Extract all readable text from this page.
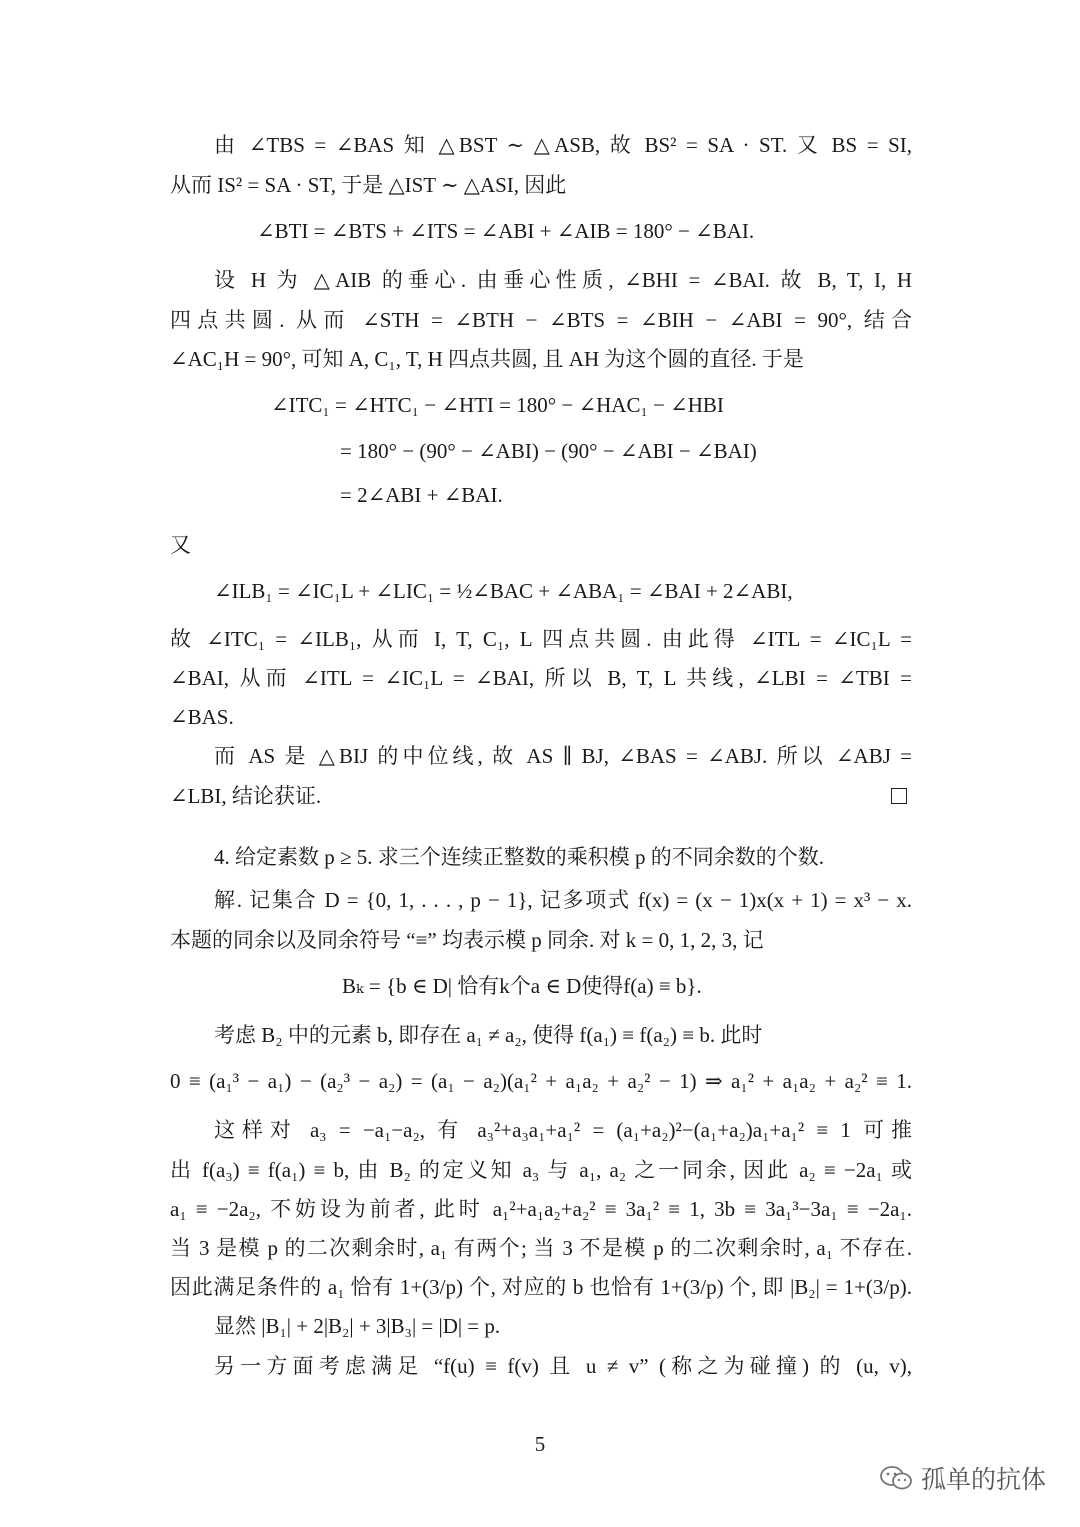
由 ∠TBS = ∠BAS 知 △BST ∼ △ASB, 故 BS² = SA · ST. 又 BS = SI,
从而 IS² = SA · ST, 于是 △IST ∼ △ASI, 因此
∠BTI = ∠BTS + ∠ITS = ∠ABI + ∠AIB = 180° − ∠BAI.
设 H 为 △AIB 的垂心. 由垂心性质, ∠BHI = ∠BAI. 故 B, T, I, H
四点共圆. 从而 ∠STH = ∠BTH − ∠BTS = ∠BIH − ∠ABI = 90°, 结合
∠AC₁H = 90°, 可知 A, C₁, T, H 四点共圆, 且 AH 为这个圆的直径. 于是
∠ITC₁ = ∠HTC₁ − ∠HTI = 180° − ∠HAC₁ − ∠HBI
= 180° − (90° − ∠ABI) − (90° − ∠ABI − ∠BAI)
= 2∠ABI + ∠BAI.
又
∠ILB₁ = ∠IC₁L + ∠LIC₁ = ½∠BAC + ∠ABA₁ = ∠BAI + 2∠ABI,
故 ∠ITC₁ = ∠ILB₁, 从而 I, T, C₁, L 四点共圆. 由此得 ∠ITL = ∠IC₁L =
∠BAI, 从而 ∠ITL = ∠IC₁L = ∠BAI, 所以 B, T, L 共线, ∠LBI = ∠TBI =
∠BAS.
而 AS 是 △BIJ 的中位线, 故 AS ∥ BJ, ∠BAS = ∠ABJ. 所以 ∠ABJ =
∠LBI, 结论获证.
4. 给定素数 p ≥ 5. 求三个连续正整数的乘积模 p 的不同余数的个数.
解. 记集合 D = {0, 1, . . . , p − 1}, 记多项式 f(x) = (x − 1)x(x + 1) = x³ − x.
本题的同余以及同余符号 “≡” 均表示模 p 同余. 对 k = 0, 1, 2, 3, 记
Bₖ = {b ∈ D| 恰有k个a ∈ D使得f(a) ≡ b}.
考虑 B₂ 中的元素 b, 即存在 a₁ ≠ a₂, 使得 f(a₁) ≡ f(a₂) ≡ b. 此时
0 ≡ (a₁³ − a₁) − (a₂³ − a₂) = (a₁ − a₂)(a₁² + a₁a₂ + a₂² − 1) ⇒ a₁² + a₁a₂ + a₂² ≡ 1.
这样对 a₃ = −a₁−a₂, 有 a₃²+a₃a₁+a₁² = (a₁+a₂)²−(a₁+a₂)a₁+a₁² ≡ 1 可推
出 f(a₃) ≡ f(a₁) ≡ b, 由 B₂ 的定义知 a₃ 与 a₁, a₂ 之一同余, 因此 a₂ ≡ −2a₁ 或
a₁ ≡ −2a₂, 不妨设为前者, 此时 a₁²+a₁a₂+a₂² ≡ 3a₁² ≡ 1, 3b ≡ 3a₁³−3a₁ ≡ −2a₁.
当 3 是模 p 的二次剩余时, a₁ 有两个; 当 3 不是模 p 的二次剩余时, a₁ 不存在.
因此满足条件的 a₁ 恰有 1+(3/p) 个, 对应的 b 也恰有 1+(3/p) 个, 即 |B₂| = 1+(3/p).
显然 |B₁| + 2|B₂| + 3|B₃| = |D| = p.
另一方面考虑满足 “f(u) ≡ f(v) 且 u ≠ v” (称之为碰撞) 的 (u, v),
5
孤单的抗体
